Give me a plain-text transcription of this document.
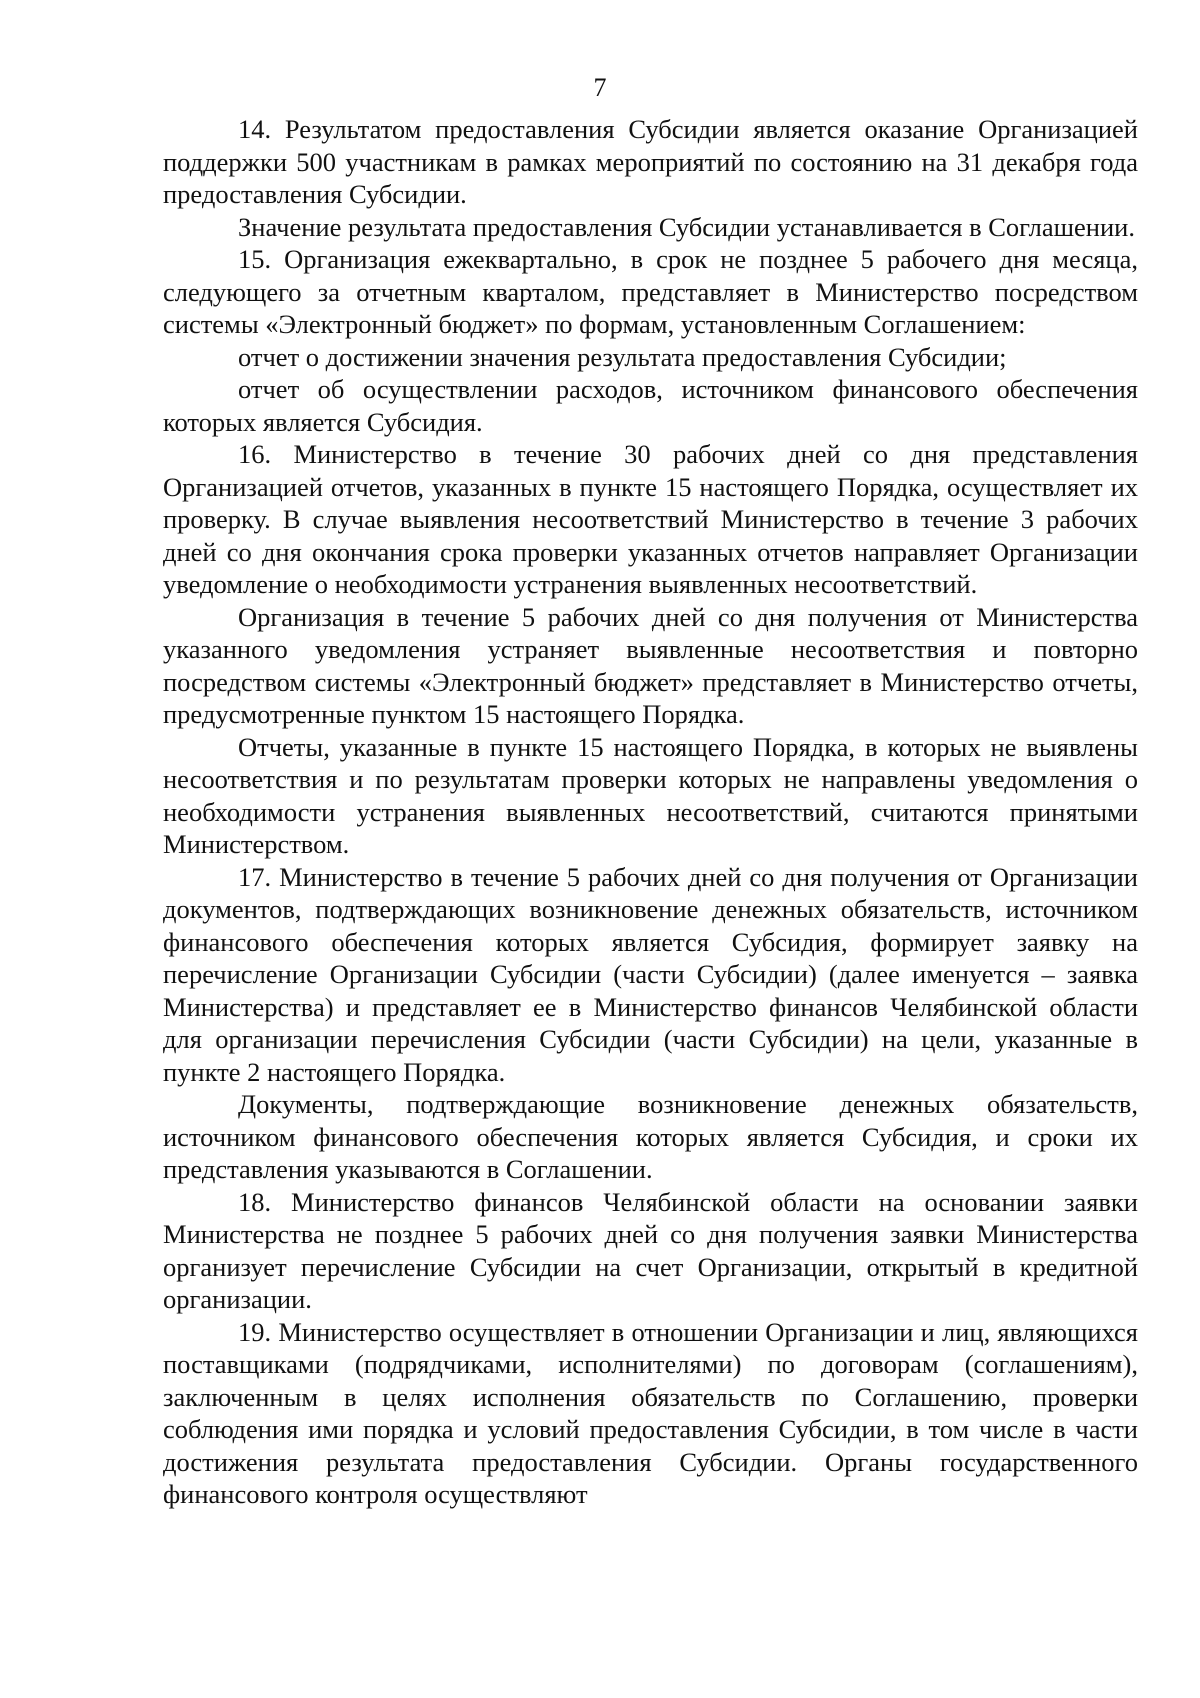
7

14. Результатом предоставления Субсидии является оказание Организацией поддержки 500 участникам в рамках мероприятий по состоянию на 31 декабря года предоставления Субсидии.

Значение результата предоставления Субсидии устанавливается в Соглашении.

15. Организация ежеквартально, в срок не позднее 5 рабочего дня месяца, следующего за отчетным кварталом, представляет в Министерство посредством системы «Электронный бюджет» по формам, установленным Соглашением:

отчет о достижении значения результата предоставления Субсидии;

отчет об осуществлении расходов, источником финансового обеспечения которых является Субсидия.

16. Министерство в течение 30 рабочих дней со дня представления Организацией отчетов, указанных в пункте 15 настоящего Порядка, осуществляет их проверку. В случае выявления несоответствий Министерство в течение 3 рабочих дней со дня окончания срока проверки указанных отчетов направляет Организации уведомление о необходимости устранения выявленных несоответствий.

Организация в течение 5 рабочих дней со дня получения от Министерства указанного уведомления устраняет выявленные несоответствия и повторно посредством системы «Электронный бюджет» представляет в Министерство отчеты, предусмотренные пунктом 15 настоящего Порядка.

Отчеты, указанные в пункте 15 настоящего Порядка, в которых не выявлены несоответствия и по результатам проверки которых не направлены уведомления о необходимости устранения выявленных несоответствий, считаются принятыми Министерством.

17. Министерство в течение 5 рабочих дней со дня получения от Организации документов, подтверждающих возникновение денежных обязательств, источником финансового обеспечения которых является Субсидия, формирует заявку на перечисление Организации Субсидии (части Субсидии) (далее именуется – заявка Министерства) и представляет ее в Министерство финансов Челябинской области для организации перечисления Субсидии (части Субсидии) на цели, указанные в пункте 2 настоящего Порядка.

Документы, подтверждающие возникновение денежных обязательств, источником финансового обеспечения которых является Субсидия, и сроки их представления указываются в Соглашении.

18. Министерство финансов Челябинской области на основании заявки Министерства не позднее 5 рабочих дней со дня получения заявки Министерства организует перечисление Субсидии на счет Организации, открытый в кредитной организации.

19. Министерство осуществляет в отношении Организации и лиц, являющихся поставщиками (подрядчиками, исполнителями) по договорам (соглашениям), заключенным в целях исполнения обязательств по Соглашению, проверки соблюдения ими порядка и условий предоставления Субсидии, в том числе в части достижения результата предоставления Субсидии. Органы государственного финансового контроля осуществляют
